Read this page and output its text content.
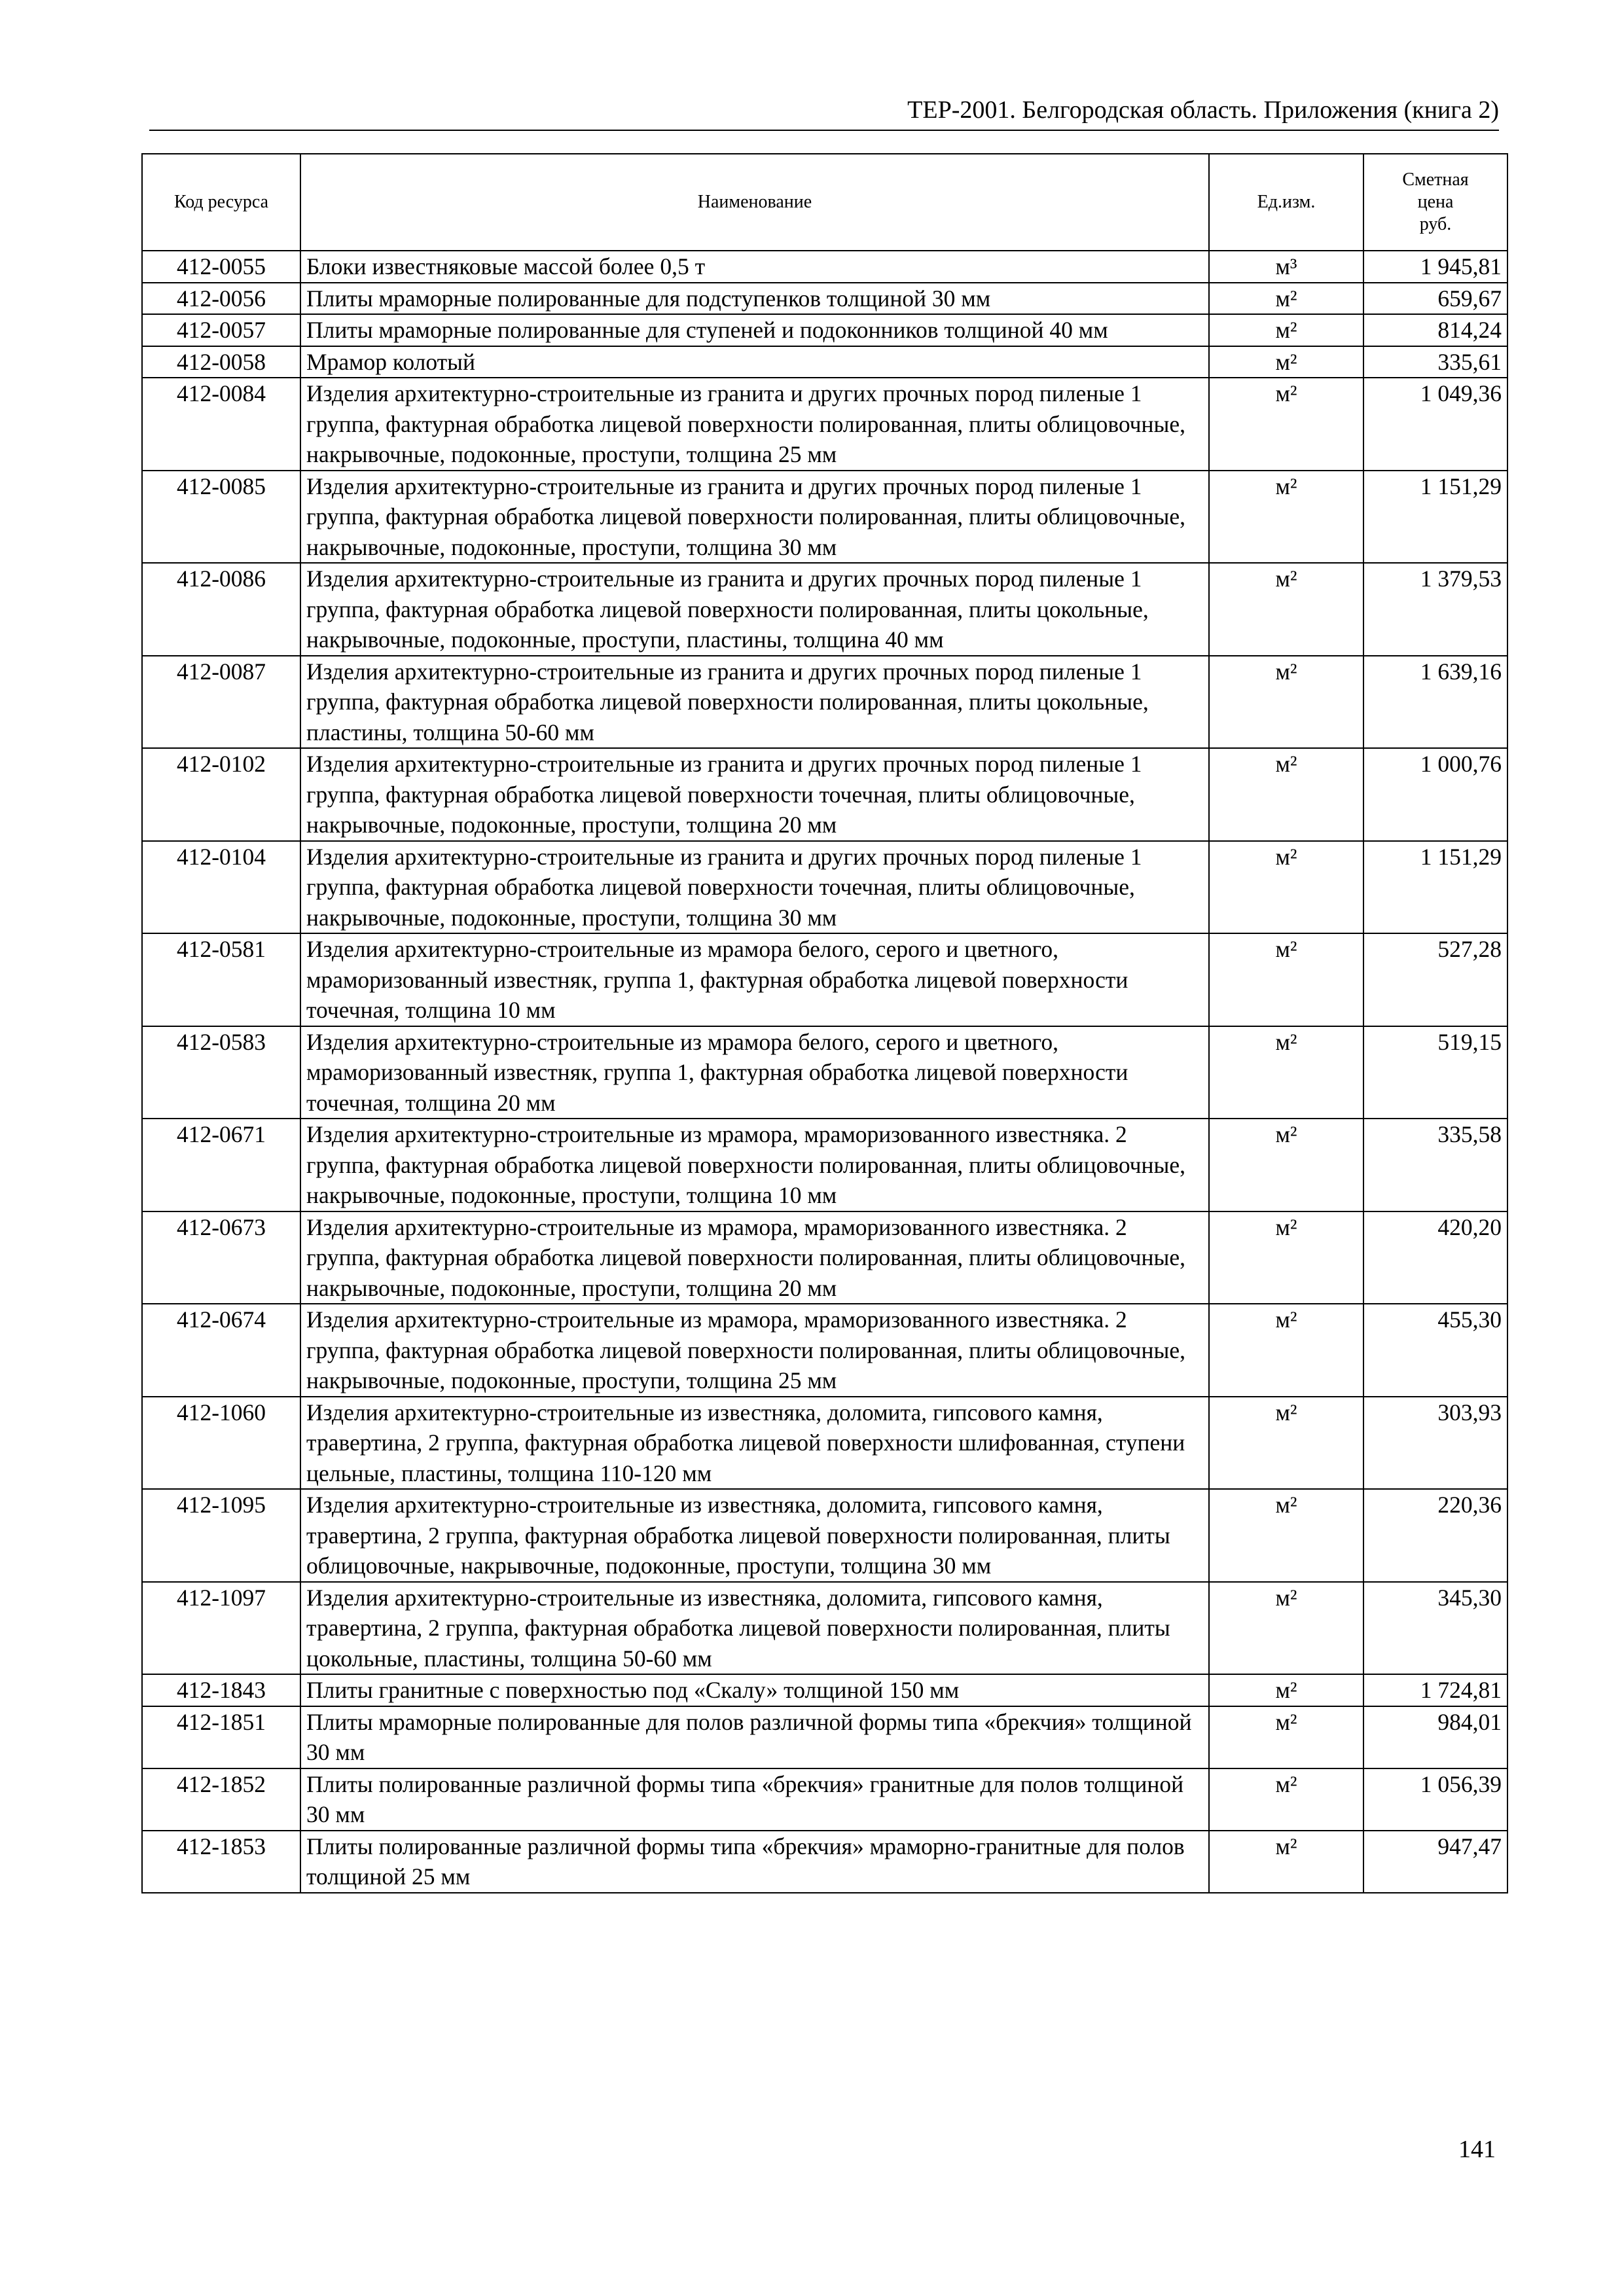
ТЕР-2001. Белгородская область. Приложения (книга 2)
Код ресурса	Наименование	Ед.изм.	Сметная
цена
руб.

412-0055	Блоки известняковые массой более 0,5 т	м³	1 945,81
412-0056	Плиты мраморные полированные для подступенков толщиной 30 мм	м²	659,67
412-0057	Плиты мраморные полированные для ступеней и подоконников толщиной 40 мм	м²	814,24
412-0058	Мрамор колотый	м²	335,61
412-0084	Изделия архитектурно-строительные из гранита и других прочных пород пиленые 1 группа, фактурная обработка лицевой поверхности полированная, плиты облицовочные, накрывочные, подоконные, проступи, толщина 25 мм	м²	1 049,36
412-0085	Изделия архитектурно-строительные из гранита и других прочных пород пиленые 1 группа, фактурная обработка лицевой поверхности полированная, плиты облицовочные, накрывочные, подоконные, проступи, толщина 30 мм	м²	1 151,29
412-0086	Изделия архитектурно-строительные из гранита и других прочных пород пиленые 1 группа, фактурная обработка лицевой поверхности полированная, плиты цокольные, накрывочные, подоконные, проступи, пластины, толщина 40 мм	м²	1 379,53
412-0087	Изделия архитектурно-строительные из гранита и других прочных пород пиленые 1 группа, фактурная обработка лицевой поверхности полированная, плиты цокольные, пластины, толщина 50-60 мм	м²	1 639,16
412-0102	Изделия архитектурно-строительные из гранита и других прочных пород пиленые 1 группа, фактурная обработка лицевой поверхности точечная, плиты облицовочные, накрывочные, подоконные, проступи, толщина 20 мм	м²	1 000,76
412-0104	Изделия архитектурно-строительные из гранита и других прочных пород пиленые 1 группа, фактурная обработка лицевой поверхности точечная, плиты облицовочные, накрывочные, подоконные, проступи, толщина 30 мм	м²	1 151,29
412-0581	Изделия архитектурно-строительные из мрамора белого, серого и цветного, мраморизованный известняк, группа 1, фактурная обработка лицевой поверхности точечная, толщина 10 мм	м²	527,28
412-0583	Изделия архитектурно-строительные из мрамора белого, серого и цветного, мраморизованный известняк, группа 1, фактурная обработка лицевой поверхности точечная, толщина 20 мм	м²	519,15
412-0671	Изделия архитектурно-строительные из мрамора, мраморизованного известняка. 2 группа, фактурная обработка лицевой поверхности полированная, плиты облицовочные, накрывочные, подоконные, проступи, толщина 10 мм	м²	335,58
412-0673	Изделия архитектурно-строительные из мрамора, мраморизованного известняка. 2 группа, фактурная обработка лицевой поверхности полированная, плиты облицовочные, накрывочные, подоконные, проступи, толщина 20 мм	м²	420,20
412-0674	Изделия архитектурно-строительные из мрамора, мраморизованного известняка. 2 группа, фактурная обработка лицевой поверхности полированная, плиты облицовочные, накрывочные, подоконные, проступи, толщина 25 мм	м²	455,30
412-1060	Изделия архитектурно-строительные из известняка, доломита, гипсового камня, травертина, 2 группа, фактурная обработка лицевой поверхности шлифованная, ступени цельные, пластины, толщина 110-120 мм	м²	303,93
412-1095	Изделия архитектурно-строительные из известняка, доломита, гипсового камня, травертина, 2 группа, фактурная обработка лицевой поверхности полированная, плиты облицовочные, накрывочные, подоконные, проступи, толщина 30 мм	м²	220,36
412-1097	Изделия архитектурно-строительные из известняка, доломита, гипсового камня, травертина, 2 группа, фактурная обработка лицевой поверхности полированная, плиты цокольные, пластины, толщина 50-60 мм	м²	345,30
412-1843	Плиты гранитные с поверхностью под «Скалу» толщиной 150 мм	м²	1 724,81
412-1851	Плиты мраморные полированные для полов различной формы типа «брекчия» толщиной 30 мм	м²	984,01
412-1852	Плиты полированные различной формы типа «брекчия» гранитные для полов толщиной 30 мм	м²	1 056,39
412-1853	Плиты полированные различной формы типа «брекчия» мраморно-гранитные для полов толщиной 25 мм	м²	947,47
141
